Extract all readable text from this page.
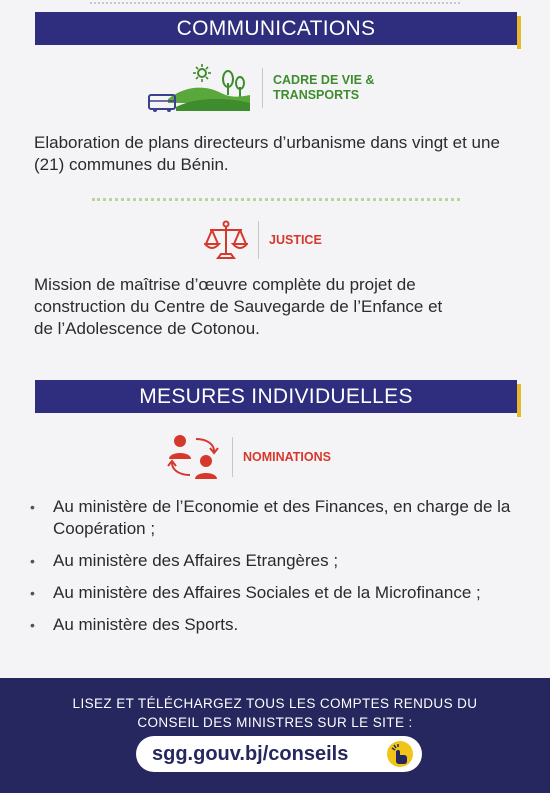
COMMUNICATIONS
CADRE DE VIE &
TRANSPORTS

Elaboration de plans directeurs d’urbanisme dans vingt et une (21) communes du Bénin.

JUSTICE

Mission de maîtrise d’œuvre complète du projet de construction du Centre de Sauvegarde de l’Enfance et de l’Adolescence de Cotonou.

MESURES INDIVIDUELLES
NOMINATIONS
• Au ministère de l’Economie et des Finances, en charge de la Coopération ;
• Au ministère des Affaires Etrangères ;
• Au ministère des Affaires Sociales et de la Microfinance ;
• Au ministère des Sports.
LISEZ ET TÉLÉCHARGEZ TOUS LES COMPTES RENDUS DU
CONSEIL DES MINISTRES SUR LE SITE :
sgg.gouv.bj/conseils
